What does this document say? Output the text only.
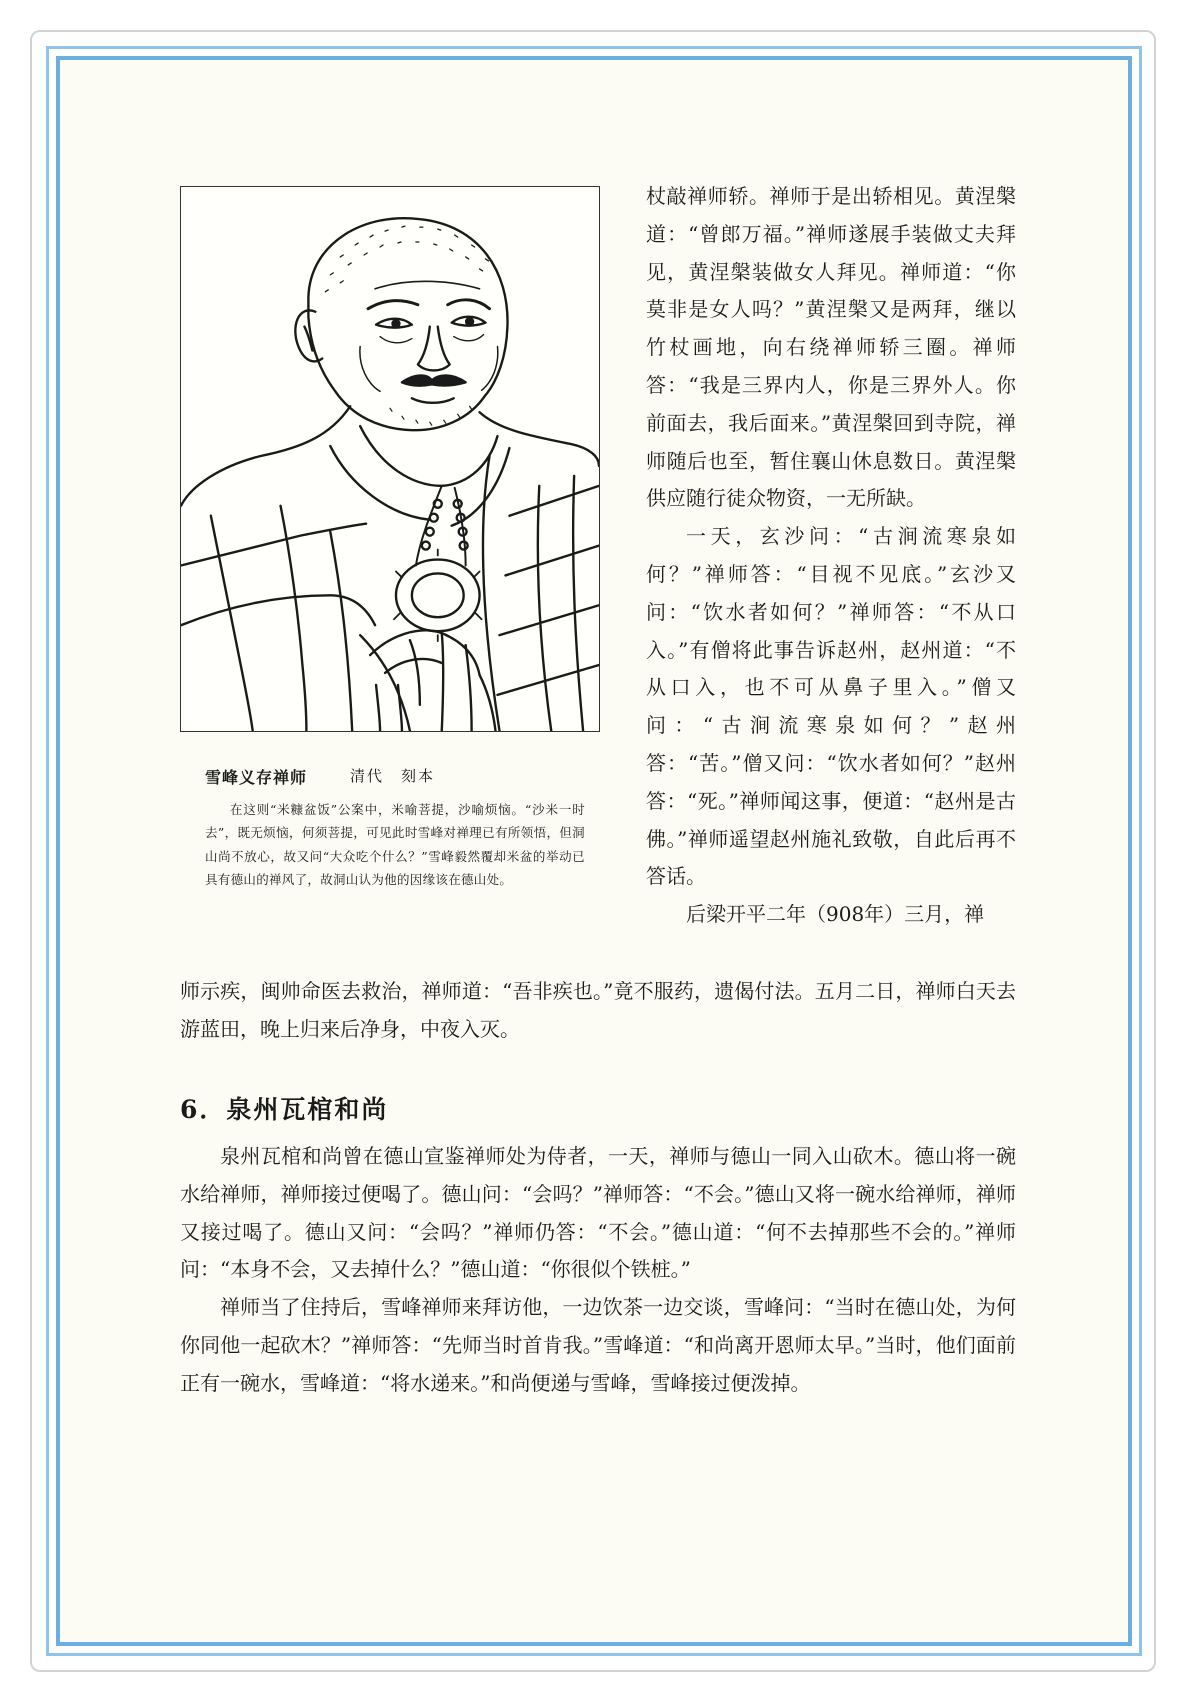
雪峰义存禅师	清代　刻本
在这则“米糠盆饭”公案中，米喻菩提，沙喻烦恼。“沙米一时去”，既无烦恼，何须菩提，可见此时雪峰对禅理已有所领悟，但洞山尚不放心，故又问“大众吃个什么？”雪峰毅然覆却米盆的举动已具有德山的禅风了，故洞山认为他的因缘该在德山处。

杖敲禅师轿。禅师于是出轿相见。黄涅槃道：“曾郎万福。”禅师遂展手装做丈夫拜见，黄涅槃装做女人拜见。禅师道：“你莫非是女人吗？”黄涅槃又是两拜，继以竹杖画地，向右绕禅师轿三圈。禅师答：“我是三界内人，你是三界外人。你前面去，我后面来。”黄涅槃回到寺院，禅师随后也至，暂住襄山休息数日。黄涅槃供应随行徒众物资，一无所缺。

一天，玄沙问：“古涧流寒泉如何？”禅师答：“目视不见底。”玄沙又问：“饮水者如何？”禅师答：“不从口入。”有僧将此事告诉赵州，赵州道：“不从口入，也不可从鼻子里入。”僧又问：“古涧流寒泉如何？”赵州答：“苦。”僧又问：“饮水者如何？”赵州答：“死。”禅师闻这事，便道：“赵州是古佛。”禅师遥望赵州施礼致敬，自此后再不答话。

后梁开平二年（908年）三月，禅

师示疾，闽帅命医去救治，禅师道：“吾非疾也。”竟不服药，遗偈付法。五月二日，禅师白天去游蓝田，晚上归来后净身，中夜入灭。

6．泉州瓦棺和尚

泉州瓦棺和尚曾在德山宣鉴禅师处为侍者，一天，禅师与德山一同入山砍木。德山将一碗水给禅师，禅师接过便喝了。德山问：“会吗？”禅师答：“不会。”德山又将一碗水给禅师，禅师又接过喝了。德山又问：“会吗？”禅师仍答：“不会。”德山道：“何不去掉那些不会的。”禅师问：“本身不会，又去掉什么？”德山道：“你很似个铁桩。”

禅师当了住持后，雪峰禅师来拜访他，一边饮茶一边交谈，雪峰问：“当时在德山处，为何你同他一起砍木？”禅师答：“先师当时首肯我。”雪峰道：“和尚离开恩师太早。”当时，他们面前正有一碗水，雪峰道：“将水递来。”和尚便递与雪峰，雪峰接过便泼掉。
